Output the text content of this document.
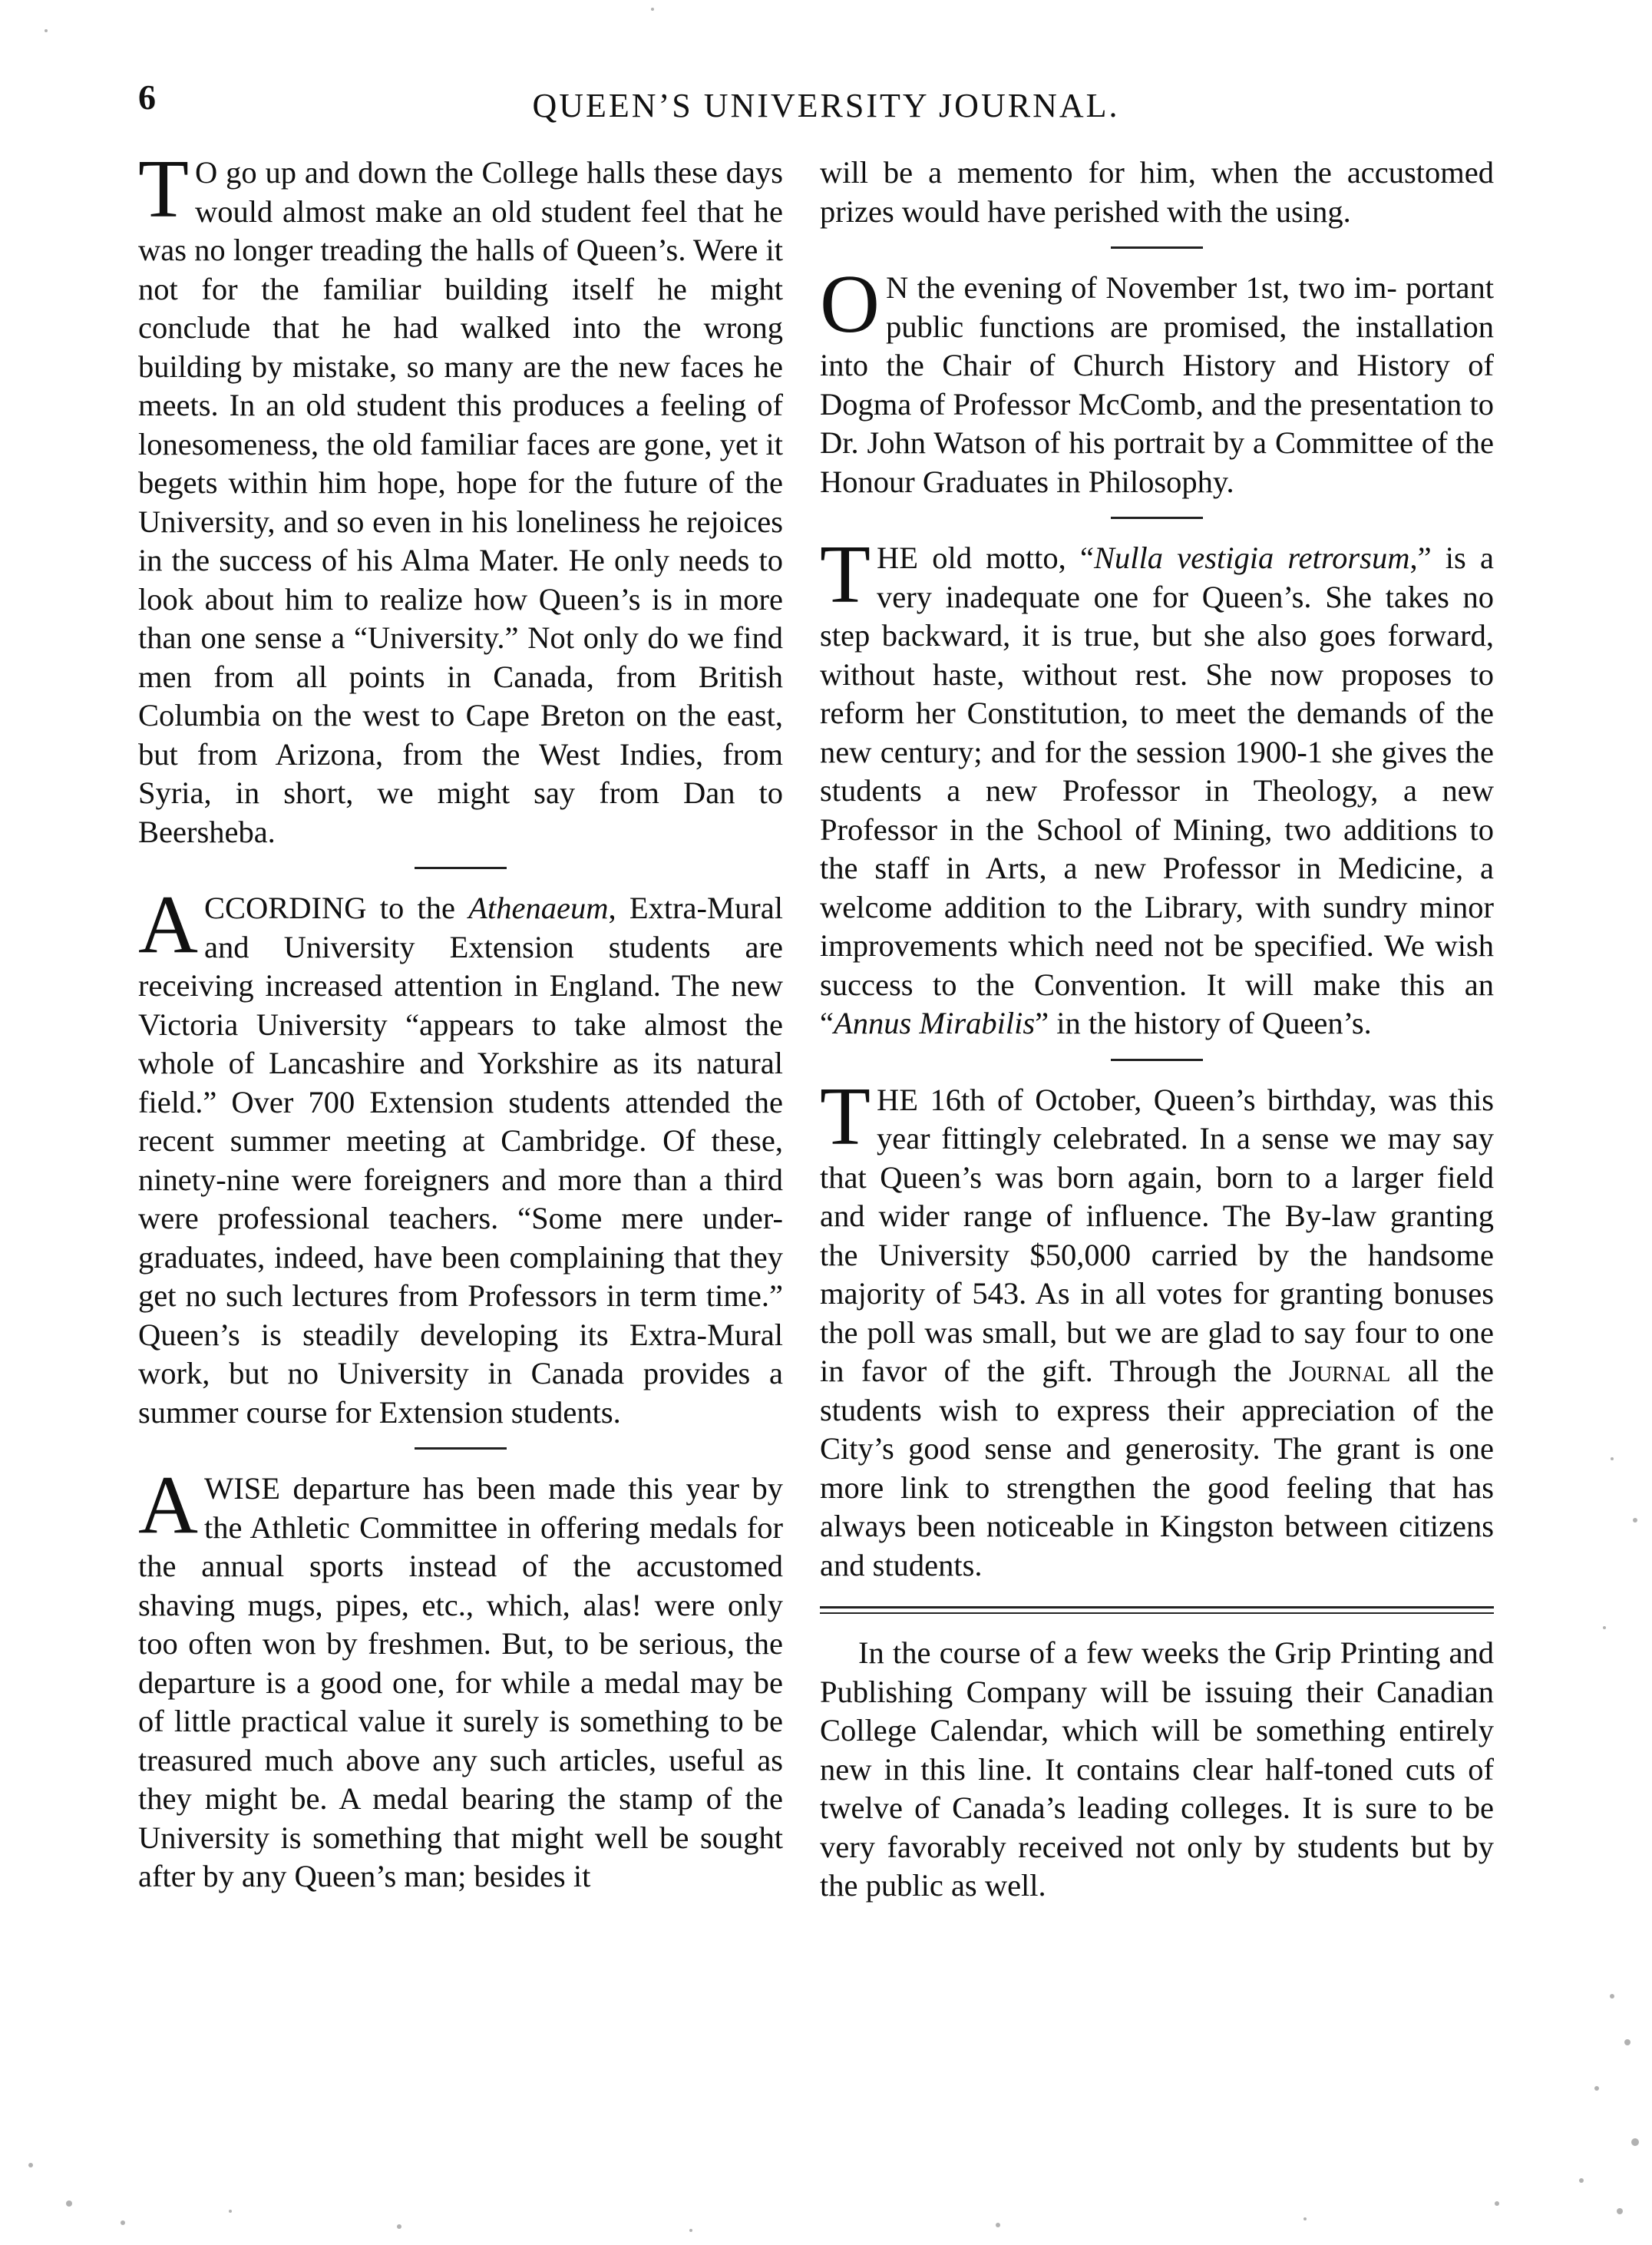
6	QUEEN’S UNIVERSITY JOURNAL.

T O go up and down the College halls these days would almost make an old student feel that he was no longer treading the halls of Queen’s. Were it not for the familiar building itself he might conclude that he had walked into the wrong building by mistake, so many are the new faces he meets. In an old student this produces a feeling of lonesomeness, the old familiar faces are gone, yet it begets within him hope, hope for the future of the University, and so even in his loneliness he rejoices in the success of his Alma Mater. He only needs to look about him to realize how Queen’s is in more than one sense a “University.” Not only do we find men from all points in Canada, from British Columbia on the west to Cape Breton on the east, but from Arizona, from the West Indies, from Syria, in short, we might say from Dan to Beersheba.

ACCORDING to the Athenaeum, Extra-Mural and University Extension students are receiving increased attention in England. The new Victoria University “appears to take almost the whole of Lancashire and Yorkshire as its natural field.” Over 700 Extension students attended the recent summer meeting at Cambridge. Of these, ninety-nine were foreigners and more than a third were professional teachers. “Some mere under-graduates, indeed, have been complaining that they get no such lectures from Professors in term time.” Queen’s is steadily developing its Extra-Mural work, but no University in Canada provides a summer course for Extension students.

A WISE departure has been made this year by the Athletic Committee in offering medals for the annual sports instead of the accustomed shaving mugs, pipes, etc., which, alas! were only too often won by freshmen. But, to be serious, the departure is a good one, for while a medal may be of little practical value it surely is something to be treasured much above any such articles, useful as they might be. A medal bearing the stamp of the University is something that might well be sought after by any Queen’s man; besides it

will be a memento for him, when the accustomed prizes would have perished with the using.

O N the evening of November 1st, two im- portant public functions are promised, the installation into the Chair of Church History and History of Dogma of Professor McComb, and the presentation to Dr. John Watson of his portrait by a Committee of the Honour Graduates in Philosophy.

THE old motto, “Nulla vestigia retrorsum,” is a very inadequate one for Queen’s. She takes no step backward, it is true, but she also goes forward, without haste, without rest. She now proposes to reform her Constitution, to meet the demands of the new century; and for the session 1900-1 she gives the students a new Professor in Theology, a new Professor in the School of Mining, two additions to the staff in Arts, a new Professor in Medicine, a welcome addition to the Library, with sundry minor improvements which need not be specified. We wish success to the Convention. It will make this an “Annus Mirabilis” in the history of Queen’s.

THE 16th of October, Queen’s birthday, was this year fittingly celebrated. In a sense we may say that Queen’s was born again, born to a larger field and wider range of influence. The By-law granting the University $50,000 carried by the handsome majority of 543. As in all votes for granting bonuses the poll was small, but we are glad to say four to one in favor of the gift. Through the Journal all the students wish to express their appreciation of the City’s good sense and generosity. The grant is one more link to strengthen the good feeling that has always been noticeable in Kingston between citizens and students.

In the course of a few weeks the Grip Printing and Publishing Company will be issuing their Canadian College Calendar, which will be something entirely new in this line. It contains clear half-toned cuts of twelve of Canada’s leading colleges. It is sure to be very favorably received not only by students but by the public as well.
